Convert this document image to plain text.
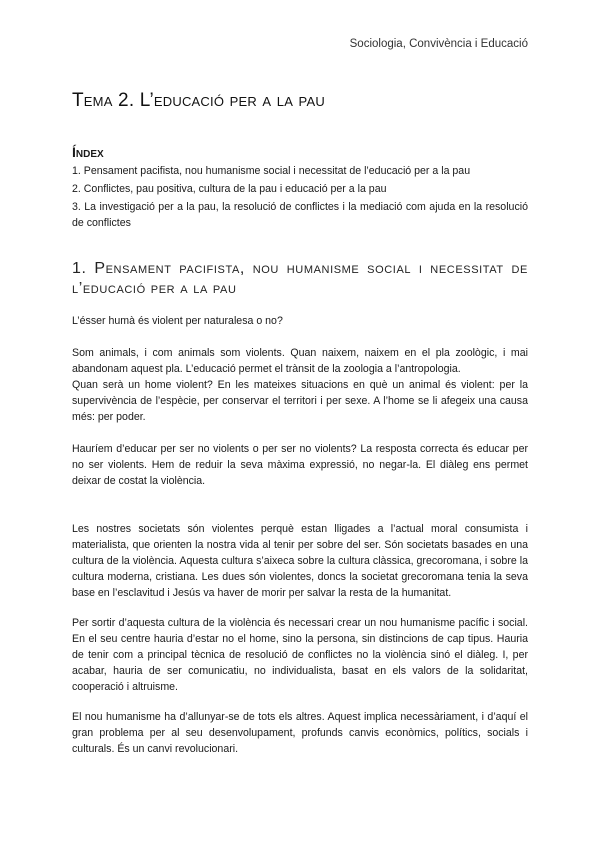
Sociologia, Convivència i Educació
Tema 2. L’educació per a la pau
Índex
1. Pensament pacifista, nou humanisme social i necessitat de l’educació per a la pau
2. Conflictes, pau positiva, cultura de la pau i educació per a la pau
3. La investigació per a la pau, la resolució de conflictes i la mediació com ajuda en la resolució de conflictes
1. Pensament pacifista, nou humanisme social i necessitat de l’educació per a la pau

L’ésser humà és violent per naturalesa o no?

Som animals, i com animals som violents. Quan naixem, naixem en el pla zoològic, i mai abandonam aquest pla. L’educació permet el trànsit de la zoologia a l’antropologia.

Quan serà un home violent? En les mateixes situacions en què un animal és violent: per la supervivència de l’espècie, per conservar el territori i per sexe. A l’home se li afegeix una causa més: per poder.

Hauríem d’educar per ser no violents o per ser no violents? La resposta correcta és educar per no ser violents. Hem de reduir la seva màxima expressió, no negar-la. El diàleg ens permet deixar de costat la violència.

Les nostres societats són violentes perquè estan lligades a l’actual moral consumista i materialista, que orienten la nostra vida al tenir per sobre del ser. Són societats basades en una cultura de la violència. Aquesta cultura s’aixeca sobre la cultura clàssica, grecoromana, i sobre la cultura moderna, cristiana. Les dues són violentes, doncs la societat grecoromana tenia la seva base en l’esclavitud i Jesús va haver de morir per salvar la resta de la humanitat.

Per sortir d’aquesta cultura de la violència és necessari crear un nou humanisme pacífic i social. En el seu centre hauria d’estar no el home, sino la persona, sin distincions de cap tipus. Hauria de tenir com a principal tècnica de resolució de conflictes no la violència sinó el diàleg. I, per acabar, hauria de ser comunicatiu, no individualista, basat en els valors de la solidaritat, cooperació i altruisme.

El nou humanisme ha d’allunyar-se de tots els altres. Aquest implica necessàriament, i d’aquí el gran problema per al seu desenvolupament, profunds canvis econòmics, polítics, socials i culturals. És un canvi revolucionari.
